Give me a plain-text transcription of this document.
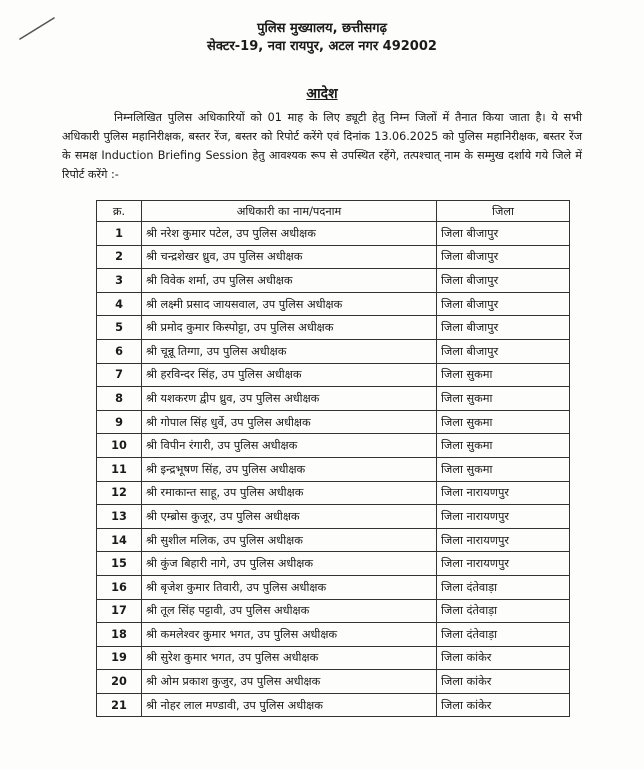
पुलिस मुख्यालय, छत्तीसगढ़

सेक्टर-19, नवा रायपुर, अटल नगर 492002

आदेश

निम्नलिखित पुलिस अधिकारियों को 01 माह के लिए ड्यूटी हेतु निम्न जिलों में तैनात किया जाता है। ये सभी अधिकारी पुलिस महानिरीक्षक, बस्तर रेंज, बस्तर को रिपोर्ट करेंगे एवं दिनांक 13.06.2025 को पुलिस महानिरीक्षक, बस्तर रेंज के समक्ष Induction Briefing Session हेतु आवश्यक रूप से उपस्थित रहेंगे, तत्पश्चात् नाम के सम्मुख दर्शाये गये जिले में रिपोर्ट करेंगे :-

क्र.	अधिकारी का नाम/पदनाम	जिला
1	श्री नरेश कुमार पटेल, उप पुलिस अधीक्षक	जिला बीजापुर
2	श्री चन्द्रशेखर ध्रुव, उप पुलिस अधीक्षक	जिला बीजापुर
3	श्री विवेक शर्मा, उप पुलिस अधीक्षक	जिला बीजापुर
4	श्री लक्ष्मी प्रसाद जायसवाल, उप पुलिस अधीक्षक	जिला बीजापुर
5	श्री प्रमोद कुमार किस्पोट्टा, उप पुलिस अधीक्षक	जिला बीजापुर
6	श्री चून्नू तिग्गा, उप पुलिस अधीक्षक	जिला बीजापुर
7	श्री हरविन्दर सिंह, उप पुलिस अधीक्षक	जिला सुकमा
8	श्री यशकरण द्वीप ध्रुव, उप पुलिस अधीक्षक	जिला सुकमा
9	श्री गोपाल सिंह धुर्वे, उप पुलिस अधीक्षक	जिला सुकमा
10	श्री विपीन रंगारी, उप पुलिस अधीक्षक	जिला सुकमा
11	श्री इन्द्रभूषण सिंह, उप पुलिस अधीक्षक	जिला सुकमा
12	श्री रमाकान्त साहू, उप पुलिस अधीक्षक	जिला नारायणपुर
13	श्री एम्ब्रोस कुजूर, उप पुलिस अधीक्षक	जिला नारायणपुर
14	श्री सुशील मलिक, उप पुलिस अधीक्षक	जिला नारायणपुर
15	श्री कुंज बिहारी नागे, उप पुलिस अधीक्षक	जिला नारायणपुर
16	श्री बृजेश कुमार तिवारी, उप पुलिस अधीक्षक	जिला दंतेवाड़ा
17	श्री तूल सिंह पट्टावी, उप पुलिस अधीक्षक	जिला दंतेवाड़ा
18	श्री कमलेश्वर कुमार भगत, उप पुलिस अधीक्षक	जिला दंतेवाड़ा
19	श्री सुरेश कुमार भगत, उप पुलिस अधीक्षक	जिला कांकेर
20	श्री ओम प्रकाश कुजुर, उप पुलिस अधीक्षक	जिला कांकेर
21	श्री नोहर लाल मण्डावी, उप पुलिस अधीक्षक	जिला कांकेर
